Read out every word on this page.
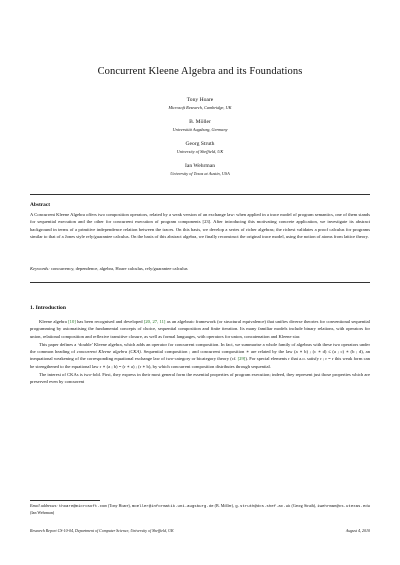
Concurrent Kleene Algebra and its Foundations
Tony Hoare
Microsoft Research, Cambridge, UK
B. Möller
Universität Augsburg, Germany
Georg Struth
University of Sheffield, UK
Ian Wehrman
University of Texas at Austin, USA
Abstract
A Concurrent Kleene Algebra offers two composition operators, related by a weak version of an exchange law: when applied in a trace model of program semantics, one of them stands for sequential execution and the other for concurrent execution of program components [23]. After introducing this motivating concrete application, we investigate its abstract background in terms of a primitive independence relation between the traces. On this basis, we develop a series of richer algebras; the richest validates a proof calculus for programs similar to that of a Jones style rely/guarantee calculus. On the basis of this abstract algebra, we finally reconstruct the original trace model, using the notion of atoms from lattice theory.
Keywords: concurrency, dependence, algebra, Hoare calculus, rely/guarantee calculus
1. Introduction

Kleene algebra [10] has been recognised and developed [20, 27, 11] as an algebraic framework (or structural equivalence) that unifies diverse theories for conventional sequential programming by axiomatising the fundamental concepts of choice, sequential composition and finite iteration. Its many familiar models include binary relations, with operators for union, relational composition and reflexive transitive closure, as well as formal languages, with operators for union, concatenation and Kleene star.

This paper defines a ‘double’ Kleene algebra, which adds an operator for concurrent composition. In fact, we summarise a whole family of algebras with these two operators under the common heading of concurrent Kleene algebra (CKA). Sequential composition ; and concurrent composition ∗ are related by the law (a ∗ b) ; (c ∗ d) ≤ (a ; c) ∗ (b ; d), an inequational weakening of the corresponding equational exchange law of two-category or bicategory theory (cf. [29]). For special elements r that a.o. satisfy r ; r = r this weak form can be strengthened to the equational law r ∗ (a ; b) = (r ∗ a) ; (r ∗ b), by which concurrent composition distributes through sequential.

The interest of CKAs is two-fold. First, they express in their most general form the essential properties of program execution; indeed, they represent just those properties which are preserved even by concurrent

Email addresses: thoare@microsoft.com (Tony Hoare), moeller@informatik.uni-augsburg.de (B. Möller), g.struth@dcs.shef.ac.uk (Georg Struth), iwehrman@cs.utexas.edu (Ian Wehrman)
Research Report CS-10-04, Department of Computer Science, University of Sheffield, UK	August 4, 2010
